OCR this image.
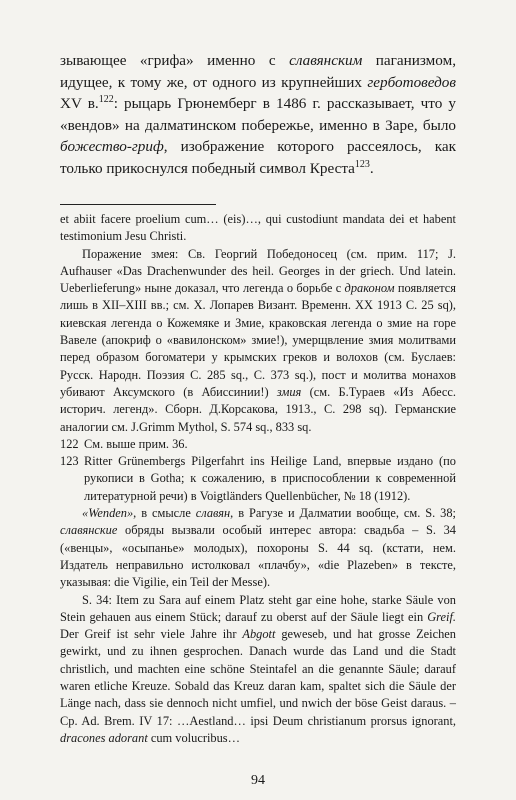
зывающее «грифа» именно с славянским паганизмом, идущее, к тому же, от одного из крупнейших герботоведов XV в.$^{122}$: рыцарь Грюнемберг в 1486 г. рассказывает, что у «вендов» на далматинском побережье, именно в Заре, было божество-гриф, изображение которого рассеялось, как только прикоснулся победный символ Креста$^{123}$.

et abiit facere proelium cum… (eis)…, qui custodiunt mandata dei et habent testimonium Jesu Christi.

Поражение змея: Св. Георгий Победоносец (см. прим. 117; J. Aufhauser «Das Drachenwunder des heil. Georges in der griech. Und latein. Ueberlieferung» ныне доказал, что легенда о борьбе с драконом появляется лишь в XII–XIII вв.; см. Х. Лопарев Визант. Временн. XX 1913 С. 25 sq), киевская легенда о Кожемяке и Змие, краковская легенда о змие на горе Вавеле (апокриф о «вавилонском» змие!), умерщвление змия молитвами перед образом богоматери у крымских греков и волохов (см. Буслаев: Русск. Народн. Поэзия С. 285 sq., С. 373 sq.), пост и молитва монахов убивают Аксумского (в Абиссинии!) змия (см. Б.Тураев «Из Абесс. историч. легенд». Сборн. Д.Корсакова, 1913., С. 298 sq). Германские аналогии см. J.Grimm Mythol, S. 574 sq., 833 sq.

122 См. выше прим. 36.

123 Ritter Grünembergs Pilgerfahrt ins Heilige Land, впервые издано (по рукописи в Gotha; к сожалению, в приспособлении к современной литературной речи) в Voigtländers Quellenbücher, № 18 (1912).

«Wenden», в смысле славян, в Рагузе и Далматии вообще, см. S. 38; славянские обряды вызвали особый интерес автора: свадьба – S. 34 («венцы», «осыпанье» молодых), похороны S. 44 sq. (кстати, нем. Издатель неправильно истолковал «плачбу», «die Plazeben» в тексте, указывая: die Vigilie, ein Teil der Messe).

S. 34: Item zu Sara auf einem Platz steht gar eine hohe, starke Säule von Stein gehauen aus einem Stück; darauf zu oberst auf der Säule liegt ein Greif. Der Greif ist sehr viele Jahre ihr Abgott geweseb, und hat grosse Zeichen gewirkt, und zu ihnen gesprochen. Danach wurde das Land und die Stadt christlich, und machten eine schöne Steintafel an die genannte Säule; darauf waren etliche Kreuze. Sobald das Kreuz daran kam, spaltet sich die Säule der Länge nach, dass sie dennoch nicht umfiel, und nwich der böse Geist daraus. – Cp. Ad. Brem. IV 17: …Aestland… ipsi Deum christianum prorsus ignorant, dracones adorant cum volucribus…

94
